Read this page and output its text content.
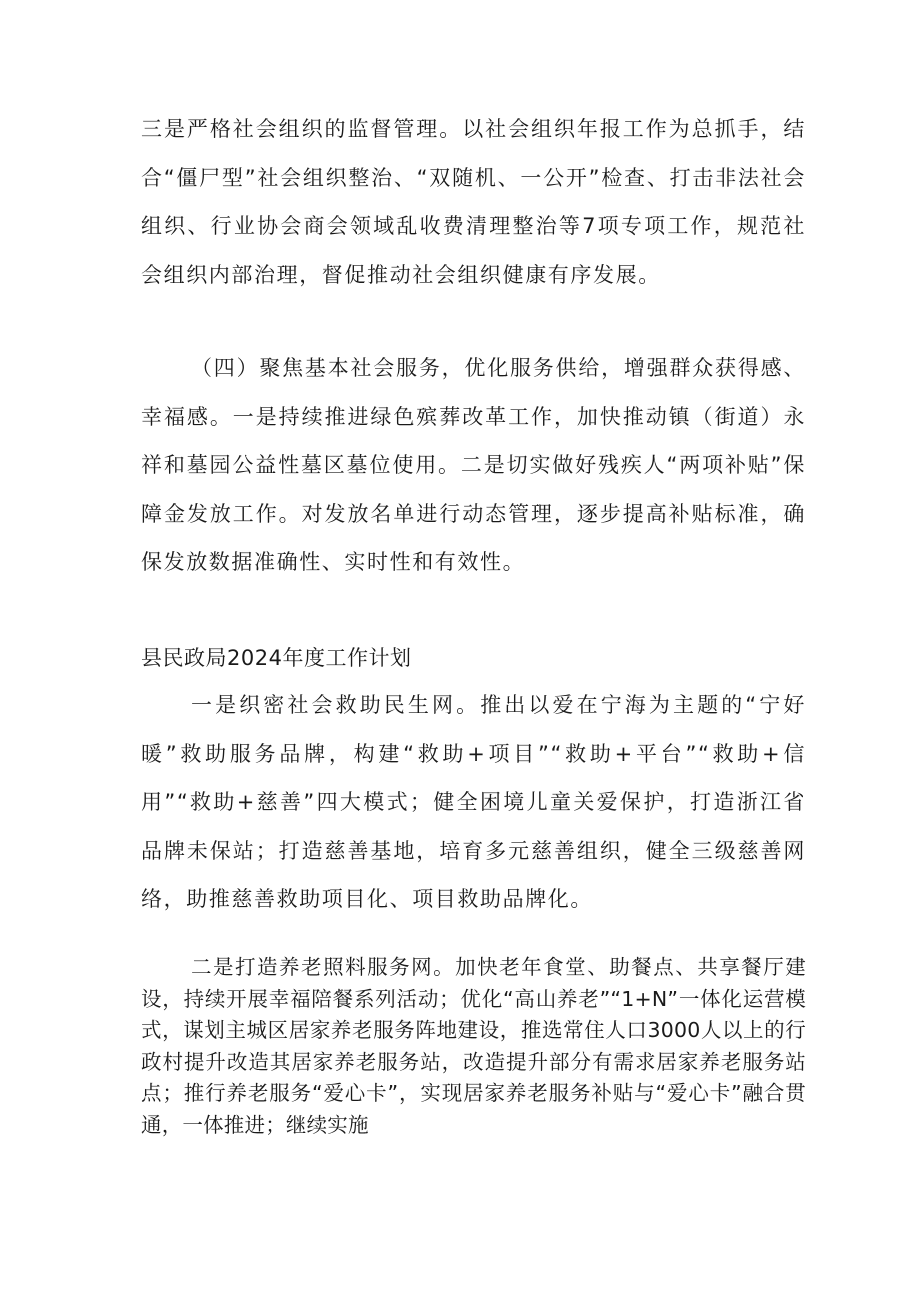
三是严格社会组织的监督管理。以社会组织年报工作为总抓手，结合“僵尸型”社会组织整治、“双随机、一公开”检查、打击非法社会组织、行业协会商会领域乱收费清理整治等7项专项工作，规范社会组织内部治理，督促推动社会组织健康有序发展。

（四）聚焦基本社会服务，优化服务供给，增强群众获得感、幸福感。一是持续推进绿色殡葬改革工作，加快推动镇（街道）永祥和墓园公益性墓区墓位使用。二是切实做好残疾人“两项补贴”保障金发放工作。对发放名单进行动态管理，逐步提高补贴标准，确保发放数据准确性、实时性和有效性。

县民政局2024年度工作计划

一是织密社会救助民生网。推出以爱在宁海为主题的“宁好暖”救助服务品牌，构建“救助+项目”“救助+平台”“救助+信用”“救助+慈善”四大模式；健全困境儿童关爱保护，打造浙江省品牌未保站；打造慈善基地，培育多元慈善组织，健全三级慈善网络，助推慈善救助项目化、项目救助品牌化。

二是打造养老照料服务网。加快老年食堂、助餐点、共享餐厅建设，持续开展幸福陪餐系列活动；优化“高山养老”“1+N”一体化运营模式，谋划主城区居家养老服务阵地建设，推选常住人口3000人以上的行政村提升改造其居家养老服务站，改造提升部分有需求居家养老服务站点；推行养老服务“爱心卡”，实现居家养老服务补贴与“爱心卡”融合贯通，一体推进；继续实施
